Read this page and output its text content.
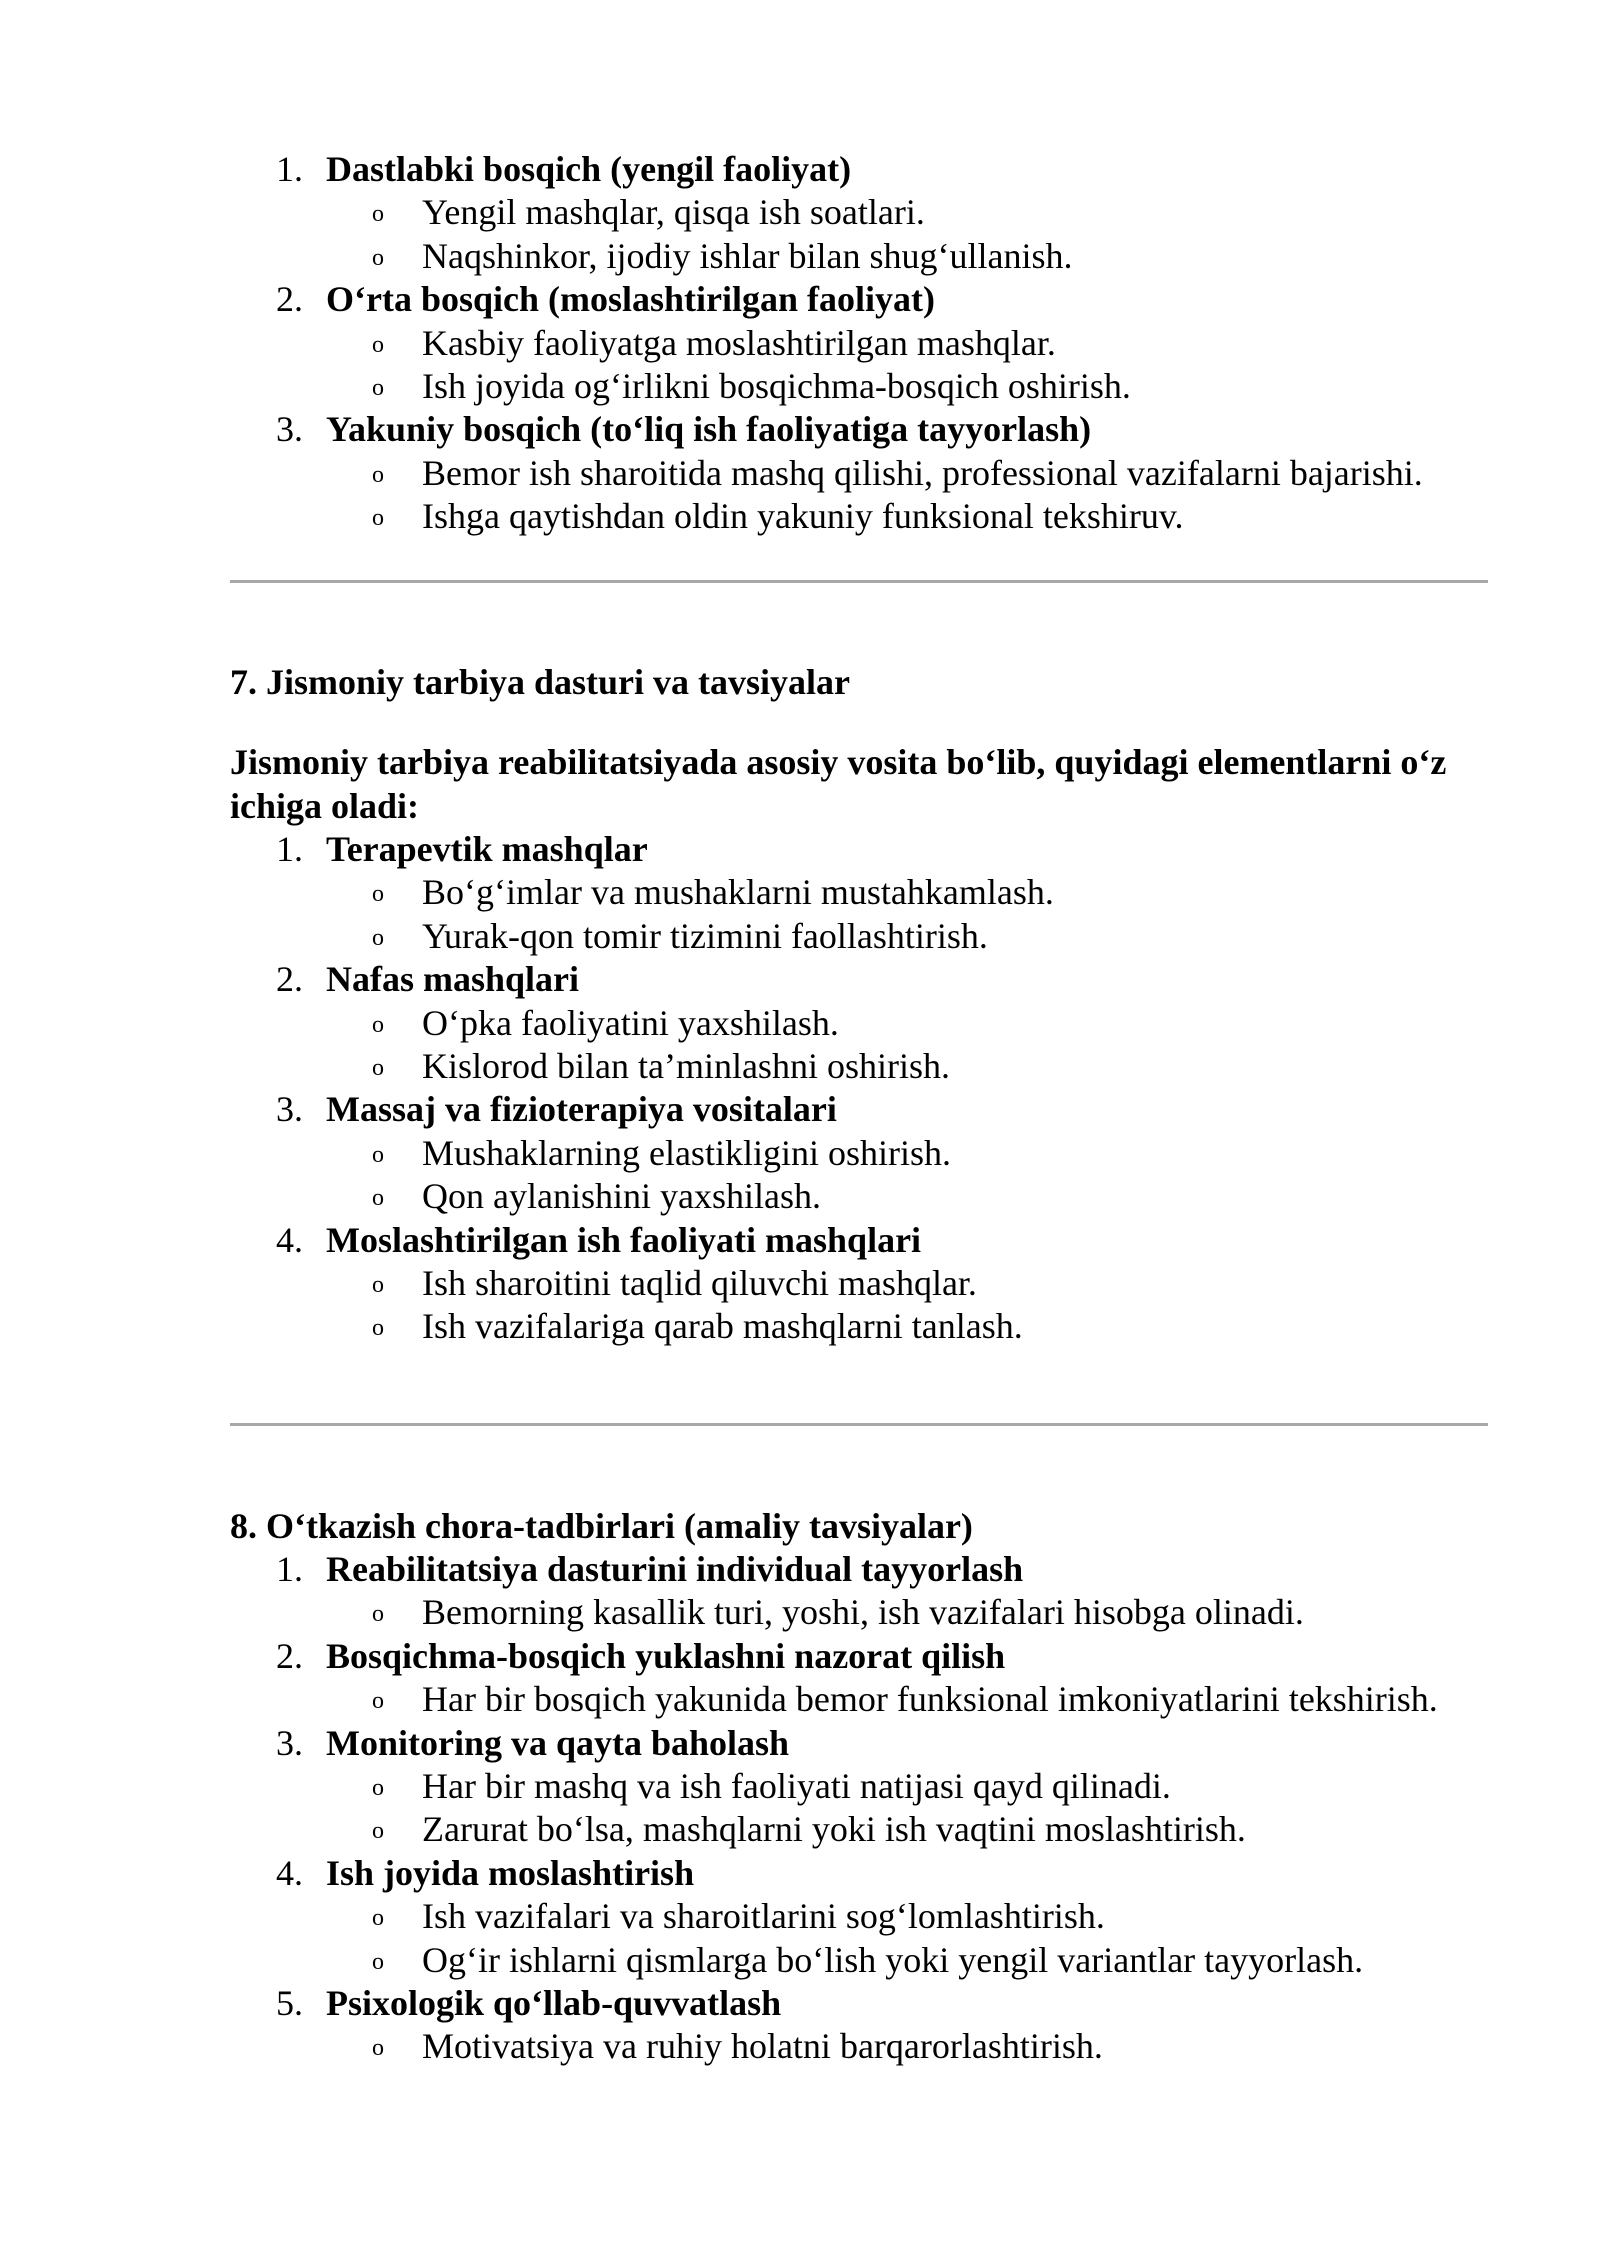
1. Dastlabki bosqich (yengil faoliyat)
o Yengil mashqlar, qisqa ish soatlari.
o Naqshinkor, ijodiy ishlar bilan shug‘ullanish.
2. O‘rta bosqich (moslashtirilgan faoliyat)
o Kasbiy faoliyatga moslashtirilgan mashqlar.
o Ish joyida og‘irlikni bosqichma-bosqich oshirish.
3. Yakuniy bosqich (to‘liq ish faoliyatiga tayyorlash)
o Bemor ish sharoitida mashq qilishi, professional vazifalarni bajarishi.
o Ishga qaytishdan oldin yakuniy funksional tekshiruv.
7. Jismoniy tarbiya dasturi va tavsiyalar

Jismoniy tarbiya reabilitatsiyada asosiy vosita bo‘lib, quyidagi elementlarni o‘z ichiga oladi:

1. Terapevtik mashqlar
o Bo‘g‘imlar va mushaklarni mustahkamlash.
o Yurak-qon tomir tizimini faollashtirish.
2. Nafas mashqlari
o O‘pka faoliyatini yaxshilash.
o Kislorod bilan ta’minlashni oshirish.
3. Massaj va fizioterapiya vositalari
o Mushaklarning elastikligini oshirish.
o Qon aylanishini yaxshilash.
4. Moslashtirilgan ish faoliyati mashqlari
o Ish sharoitini taqlid qiluvchi mashqlar.
o Ish vazifalariga qarab mashqlarni tanlash.
8. O‘tkazish chora-tadbirlari (amaliy tavsiyalar)
1. Reabilitatsiya dasturini individual tayyorlash
o Bemorning kasallik turi, yoshi, ish vazifalari hisobga olinadi.
2. Bosqichma-bosqich yuklashni nazorat qilish
o Har bir bosqich yakunida bemor funksional imkoniyatlarini tekshirish.
3. Monitoring va qayta baholash
o Har bir mashq va ish faoliyati natijasi qayd qilinadi.
o Zarurat bo‘lsa, mashqlarni yoki ish vaqtini moslashtirish.
4. Ish joyida moslashtirish
o Ish vazifalari va sharoitlarini sog‘lomlashtirish.
o Og‘ir ishlarni qismlarga bo‘lish yoki yengil variantlar tayyorlash.
5. Psixologik qo‘llab-quvvatlash
o Motivatsiya va ruhiy holatni barqarorlashtirish.
